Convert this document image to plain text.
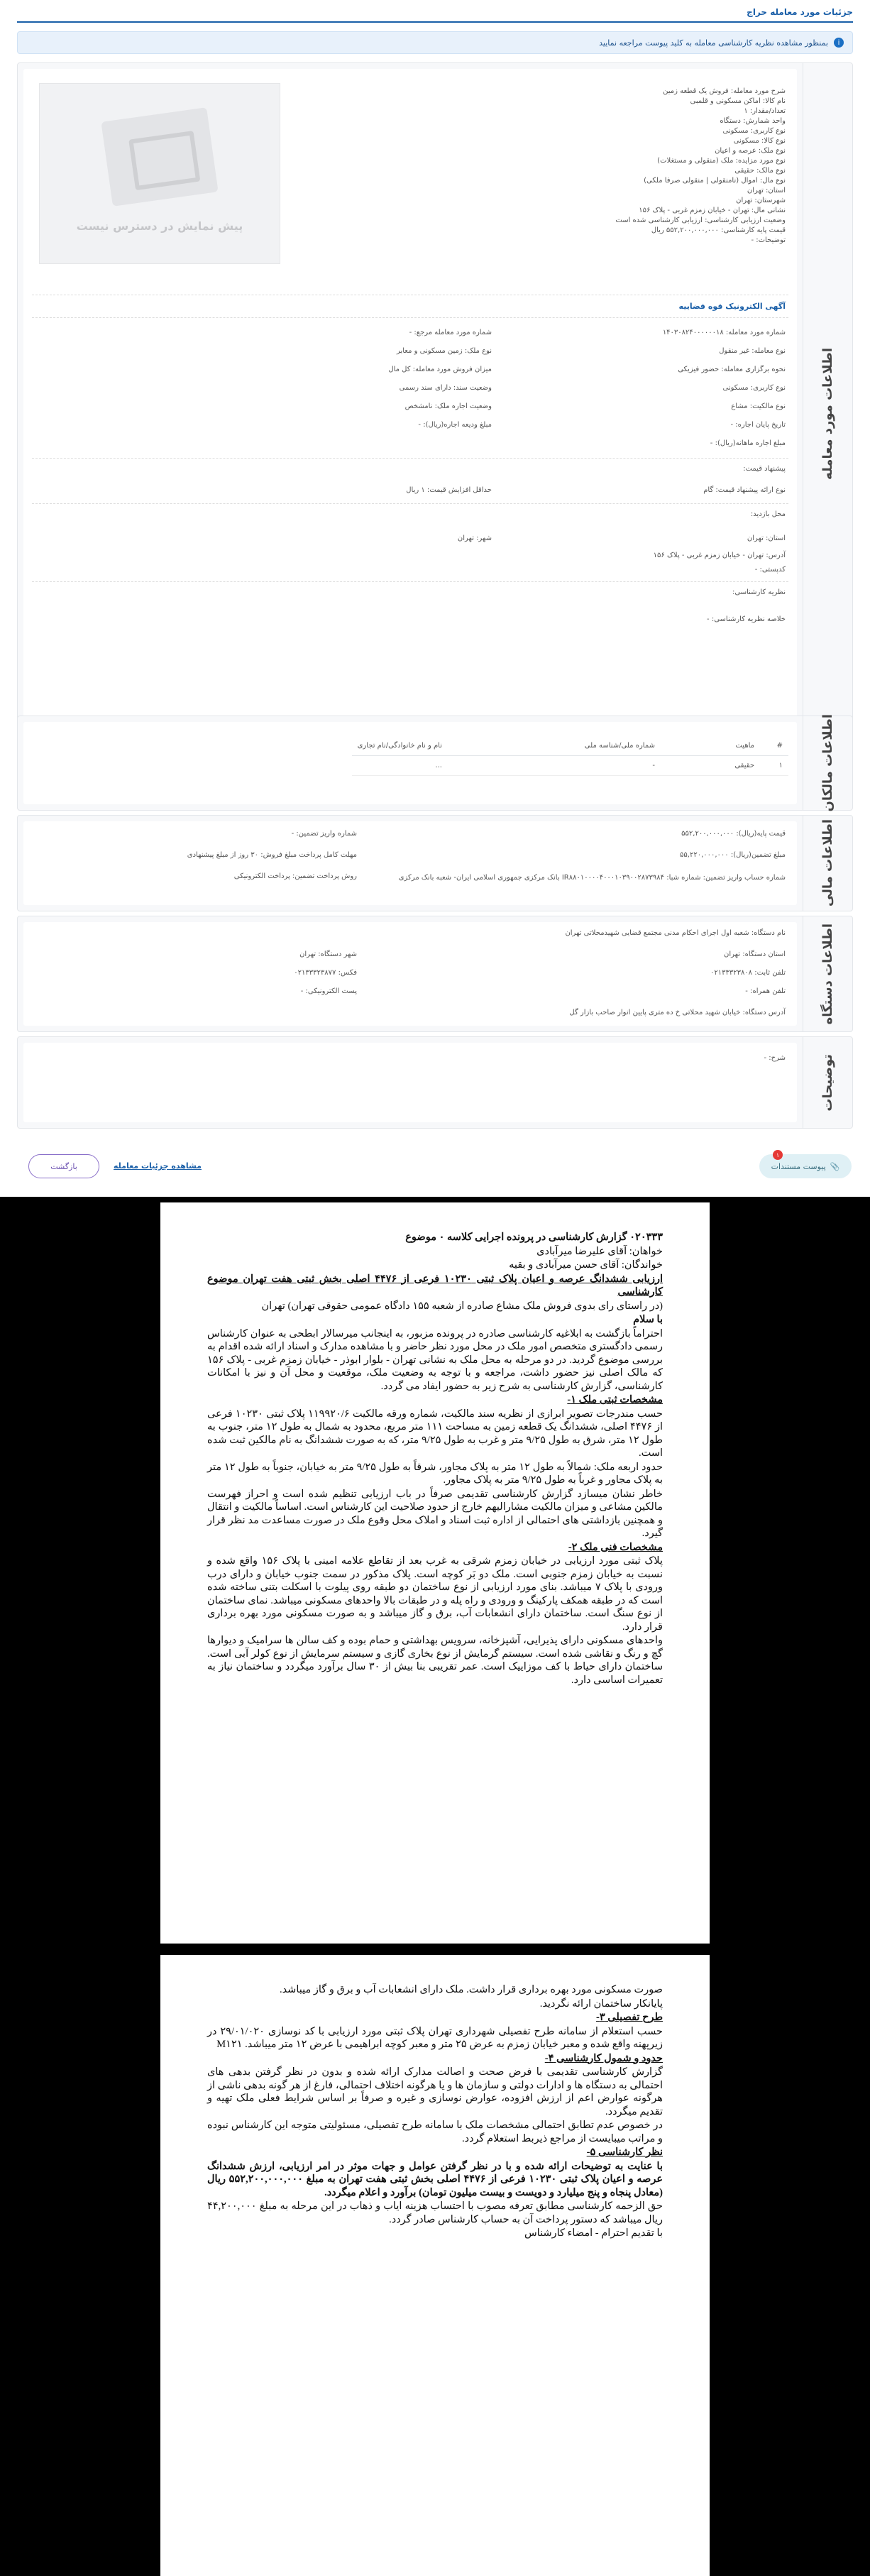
جزئیات مورد معامله حراج
i
بمنظور مشاهده نظریه کارشناسی معامله به کلید پیوست مراجعه نمایید
اطلاعات مورد معامله
پیش نمایش در دسترس نیست
شرح مورد معامله: فروش یک قطعه زمین
نام کالا: اماکن مسکونی و قلمبی
تعداد/مقدار: ۱
واحد شمارش: دستگاه
نوع کاربری: مسکونی
نوع کالا: مسکونی
نوع ملک: عرصه و اعیان
نوع مورد مزایده: ملک (منقولی و مستغلات)
نوع مالک: حقیقی
نوع مال: اموال (نامنقولی | منقولی صرفا ملکی)
استان: تهران
شهرستان: تهران
نشانی مال: تهران - خیابان زمزم غربی - پلاک ۱۵۶
وضعیت ارزیابی کارشناسی: ارزیابی کارشناسی شده است
قیمت پایه کارشناسی: ۵۵۲,۲۰۰,۰۰۰,۰۰۰ ریال
توضیحات: -
آگهی الکترونیک قوه قضاییه
شماره مورد معامله: ۱۴۰۳۰۸۲۴۰۰۰۰۰۰۱۸
شماره مورد معامله مرجع: -
نوع معامله: غیر منقول
نوع ملک: زمین مسکونی و معابر
نحوه برگزاری معامله: حضور فیزیکی
میزان فروش مورد معامله: کل مال
نوع کاربری: مسکونی
وضعیت سند: دارای سند رسمی
نوع مالکیت: مشاع
وضعیت اجاره ملک: نامشخص
تاریخ پایان اجاره: -
مبلغ ودیعه اجاره(ریال): -
مبلغ اجاره ماهانه(ریال): -
پیشنهاد قیمت:
نوع ارائه پیشنهاد قیمت: گام
حداقل افزایش قیمت: ۱ ریال
محل بازدید:
استان: تهران
شهر: تهران
آدرس: تهران - خیابان زمزم غربی - پلاک ۱۵۶
کدپستی: -
نظریه کارشناسی:
خلاصه نظریه کارشناسی: -
اطلاعات مالکان
#	ماهیت	شماره ملی/شناسه ملی	نام و نام خانوادگی/نام تجاری
۱	حقیقی	-	...
اطلاعات مالی
قیمت پایه(ریال): ۵۵۲,۲۰۰,۰۰۰,۰۰۰
شماره واریز تضمین: -
مبلغ تضمین(ریال): ۵۵,۲۲۰,۰۰۰,۰۰۰
مهلت کامل پرداخت مبلغ فروش: ۳۰ روز از مبلغ پیشنهادی
شماره حساب واریز تضمین: شماره شبا: IR۸۸۰۱۰۰۰۰۴۰۰۰۱۰۳۹۰۰۲۸۷۳۹۸۴ بانک مرکزی جمهوری اسلامی ایران- شعبه بانک مرکزی
روش پرداخت تضمین: پرداخت الکترونیکی
اطلاعات دستگاه
نام دستگاه: شعبه اول اجرای احکام مدنی مجتمع قضایی شهیدمحلاتی تهران
استان دستگاه: تهران
شهر دستگاه: تهران
تلفن ثابت: ۰۲۱۳۳۳۲۳۸۰۸
فکس: ۰۲۱۳۳۳۲۳۸۷۷
تلفن همراه: -
پست الکترونیکی: -
آدرس دستگاه: خیابان شهید محلاتی خ ده متری پایین انوار صاحب بازار گل
توضیحات
شرح: -
📎
پیوست مستندات
۱
مشاهده جزئیات معامله
بازگشت

۰۲۰۳۳۳ گزارش کارشناسی در پرونده اجرایی کلاسه ۰ موضوع

خواهان: آقای علیرضا میرآبادی

خواندگان: آقای حسن میرآبادی و بقیه

ارزیابی ششدانگ عرصه و اعیان پلاک ثبتی ۱۰۲۳۰ فرعی از ۴۴۷۶ اصلی بخش ثبتی هفت تهران موضوع کارشناسی

(در راستای رای بدوی فروش ملک مشاع صادره از شعبه ۱۵۵ دادگاه عمومی حقوقی تهران) تهران

با سلام

احتراماً بازگشت به ابلاغیه کارشناسی صادره در پرونده مزبور، به اینجانب میرسالار ابطحی به عنوان کارشناس رسمی دادگستری متخصص امور ملک در محل مورد نظر حاضر و با مشاهده مدارک و اسناد ارائه شده اقدام به بررسی موضوع گردید. در دو مرحله به محل ملک به نشانی تهران - بلوار ابوذر - خیابان زمزم غربی - پلاک ۱۵۶ که مالک اصلی نیز حضور داشت، مراجعه و با توجه به وضعیت ملک، موقعیت و محل آن و نیز با امکانات کارشناسی، گزارش کارشناسی به شرح زیر به حضور ایفاد می گردد.

مشخصات ثبتی ملک ۱-

حسب مندرجات تصویر ابرازی از نظریه سند مالکیت، شماره ورقه مالکیت ۱۱۹۹۲۰/۶ پلاک ثبتی ۱۰۲۳۰ فرعی از ۴۴۷۶ اصلی، ششدانگ یک قطعه زمین به مساحت ۱۱۱ متر مربع، محدود به شمال به طول ۱۲ متر، جنوب به طول ۱۲ متر، شرق به طول ۹/۲۵ متر و غرب به طول ۹/۲۵ متر، که به صورت ششدانگ به نام مالکین ثبت شده است.

حدود اربعه ملک: شمالاً به طول ۱۲ متر به پلاک مجاور، شرقاً به طول ۹/۲۵ متر به خیابان، جنوباً به طول ۱۲ متر به پلاک مجاور و غرباً به طول ۹/۲۵ متر به پلاک مجاور.

خاطر نشان میسازد گزارش کارشناسی تقدیمی صرفاً در باب ارزیابی تنظیم شده است و احراز فهرست مالکین مشاعی و میزان مالکیت مشارالیهم خارج از حدود صلاحیت این کارشناس است. اساساً مالکیت و انتقال و همچنین بازداشتی های احتمالی از اداره ثبت اسناد و املاک محل وقوع ملک در صورت مساعدت مد نظر قرار گیرد.

مشخصات فنی ملک ۲-

پلاک ثبتی مورد ارزیابی در خیابان زمزم شرقی به غرب بعد از تقاطع علامه امینی با پلاک ۱۵۶ واقع شده و نسبت به خیابان زمزم جنوبی است. ملک دو بَر کوچه است. پلاک مذکور در سمت جنوب خیابان و دارای درب ورودی با پلاک ۷ میباشد. بنای مورد ارزیابی از نوع ساختمان دو طبقه روی پیلوت با اسکلت بتنی ساخته شده است که در طبقه همکف پارکینگ و ورودی و راه پله و در طبقات بالا واحدهای مسکونی میباشد. نمای ساختمان از نوع سنگ است. ساختمان دارای انشعابات آب، برق و گاز میباشد و به صورت مسکونی مورد بهره برداری قرار دارد.

واحدهای مسکونی دارای پذیرایی، آشپزخانه، سرویس بهداشتی و حمام بوده و کف سالن ها سرامیک و دیوارها گچ و رنگ و نقاشی شده است. سیستم گرمایش از نوع بخاری گازی و سیستم سرمایش از نوع کولر آبی است. ساختمان دارای حیاط با کف موزاییک است. عمر تقریبی بنا بیش از ۳۰ سال برآورد میگردد و ساختمان نیاز به تعمیرات اساسی دارد.

صورت مسکونی مورد بهره برداری قرار داشت. ملک دارای انشعابات آب و برق و گاز میباشد.

پایانکار ساختمان ارائه نگردید.

طرح تفصیلی ۳-

حسب استعلام از سامانه طرح تفصیلی شهرداری تهران پلاک ثبتی مورد ارزیابی با کد نوسازی ۲۹/۰۱/۰۲۰ در زیرپهنه واقع شده و معبر خیابان زمزم به عرض ۲۵ متر و معبر کوچه ابراهیمی با عرض ۱۲ متر میباشد. M۱۲۱

حدود و شمول کارشناسی ۴-

گزارش کارشناسی تقدیمی با فرض صحت و اصالت مدارک ارائه شده و بدون در نظر گرفتن بدهی های احتمالی به دستگاه ها و ادارات دولتی و سازمان ها و یا هرگونه اختلاف احتمالی، فارغ از هر گونه بدهی ناشی از هرگونه عوارض اعم از ارزش افزوده، عوارض نوسازی و غیره و صرفاً بر اساس شرایط فعلی ملک تهیه و تقدیم میگردد.

در خصوص عدم تطابق احتمالی مشخصات ملک با سامانه طرح تفصیلی، مسئولیتی متوجه این کارشناس نبوده و مراتب میبایست از مراجع ذیربط استعلام گردد.

نظر کارشناسی ۵-

با عنایت به توضیحات ارائه شده و با در نظر گرفتن عوامل و جهات موثر در امر ارزیابی، ارزش ششدانگ عرصه و اعیان پلاک ثبتی ۱۰۲۳۰ فرعی از ۴۴۷۶ اصلی بخش ثبتی هفت تهران به مبلغ ۵۵۲,۲۰۰,۰۰۰,۰۰۰ ریال (معادل پنجاه و پنج میلیارد و دویست و بیست میلیون تومان) برآورد و اعلام میگردد.

حق الزحمه کارشناسی مطابق تعرفه مصوب با احتساب هزینه ایاب و ذهاب در این مرحله به مبلغ ۴۴,۲۰۰,۰۰۰ ریال میباشد که دستور پرداخت آن به حساب کارشناس صادر گردد.

با تقدیم احترام - امضاء کارشناس
